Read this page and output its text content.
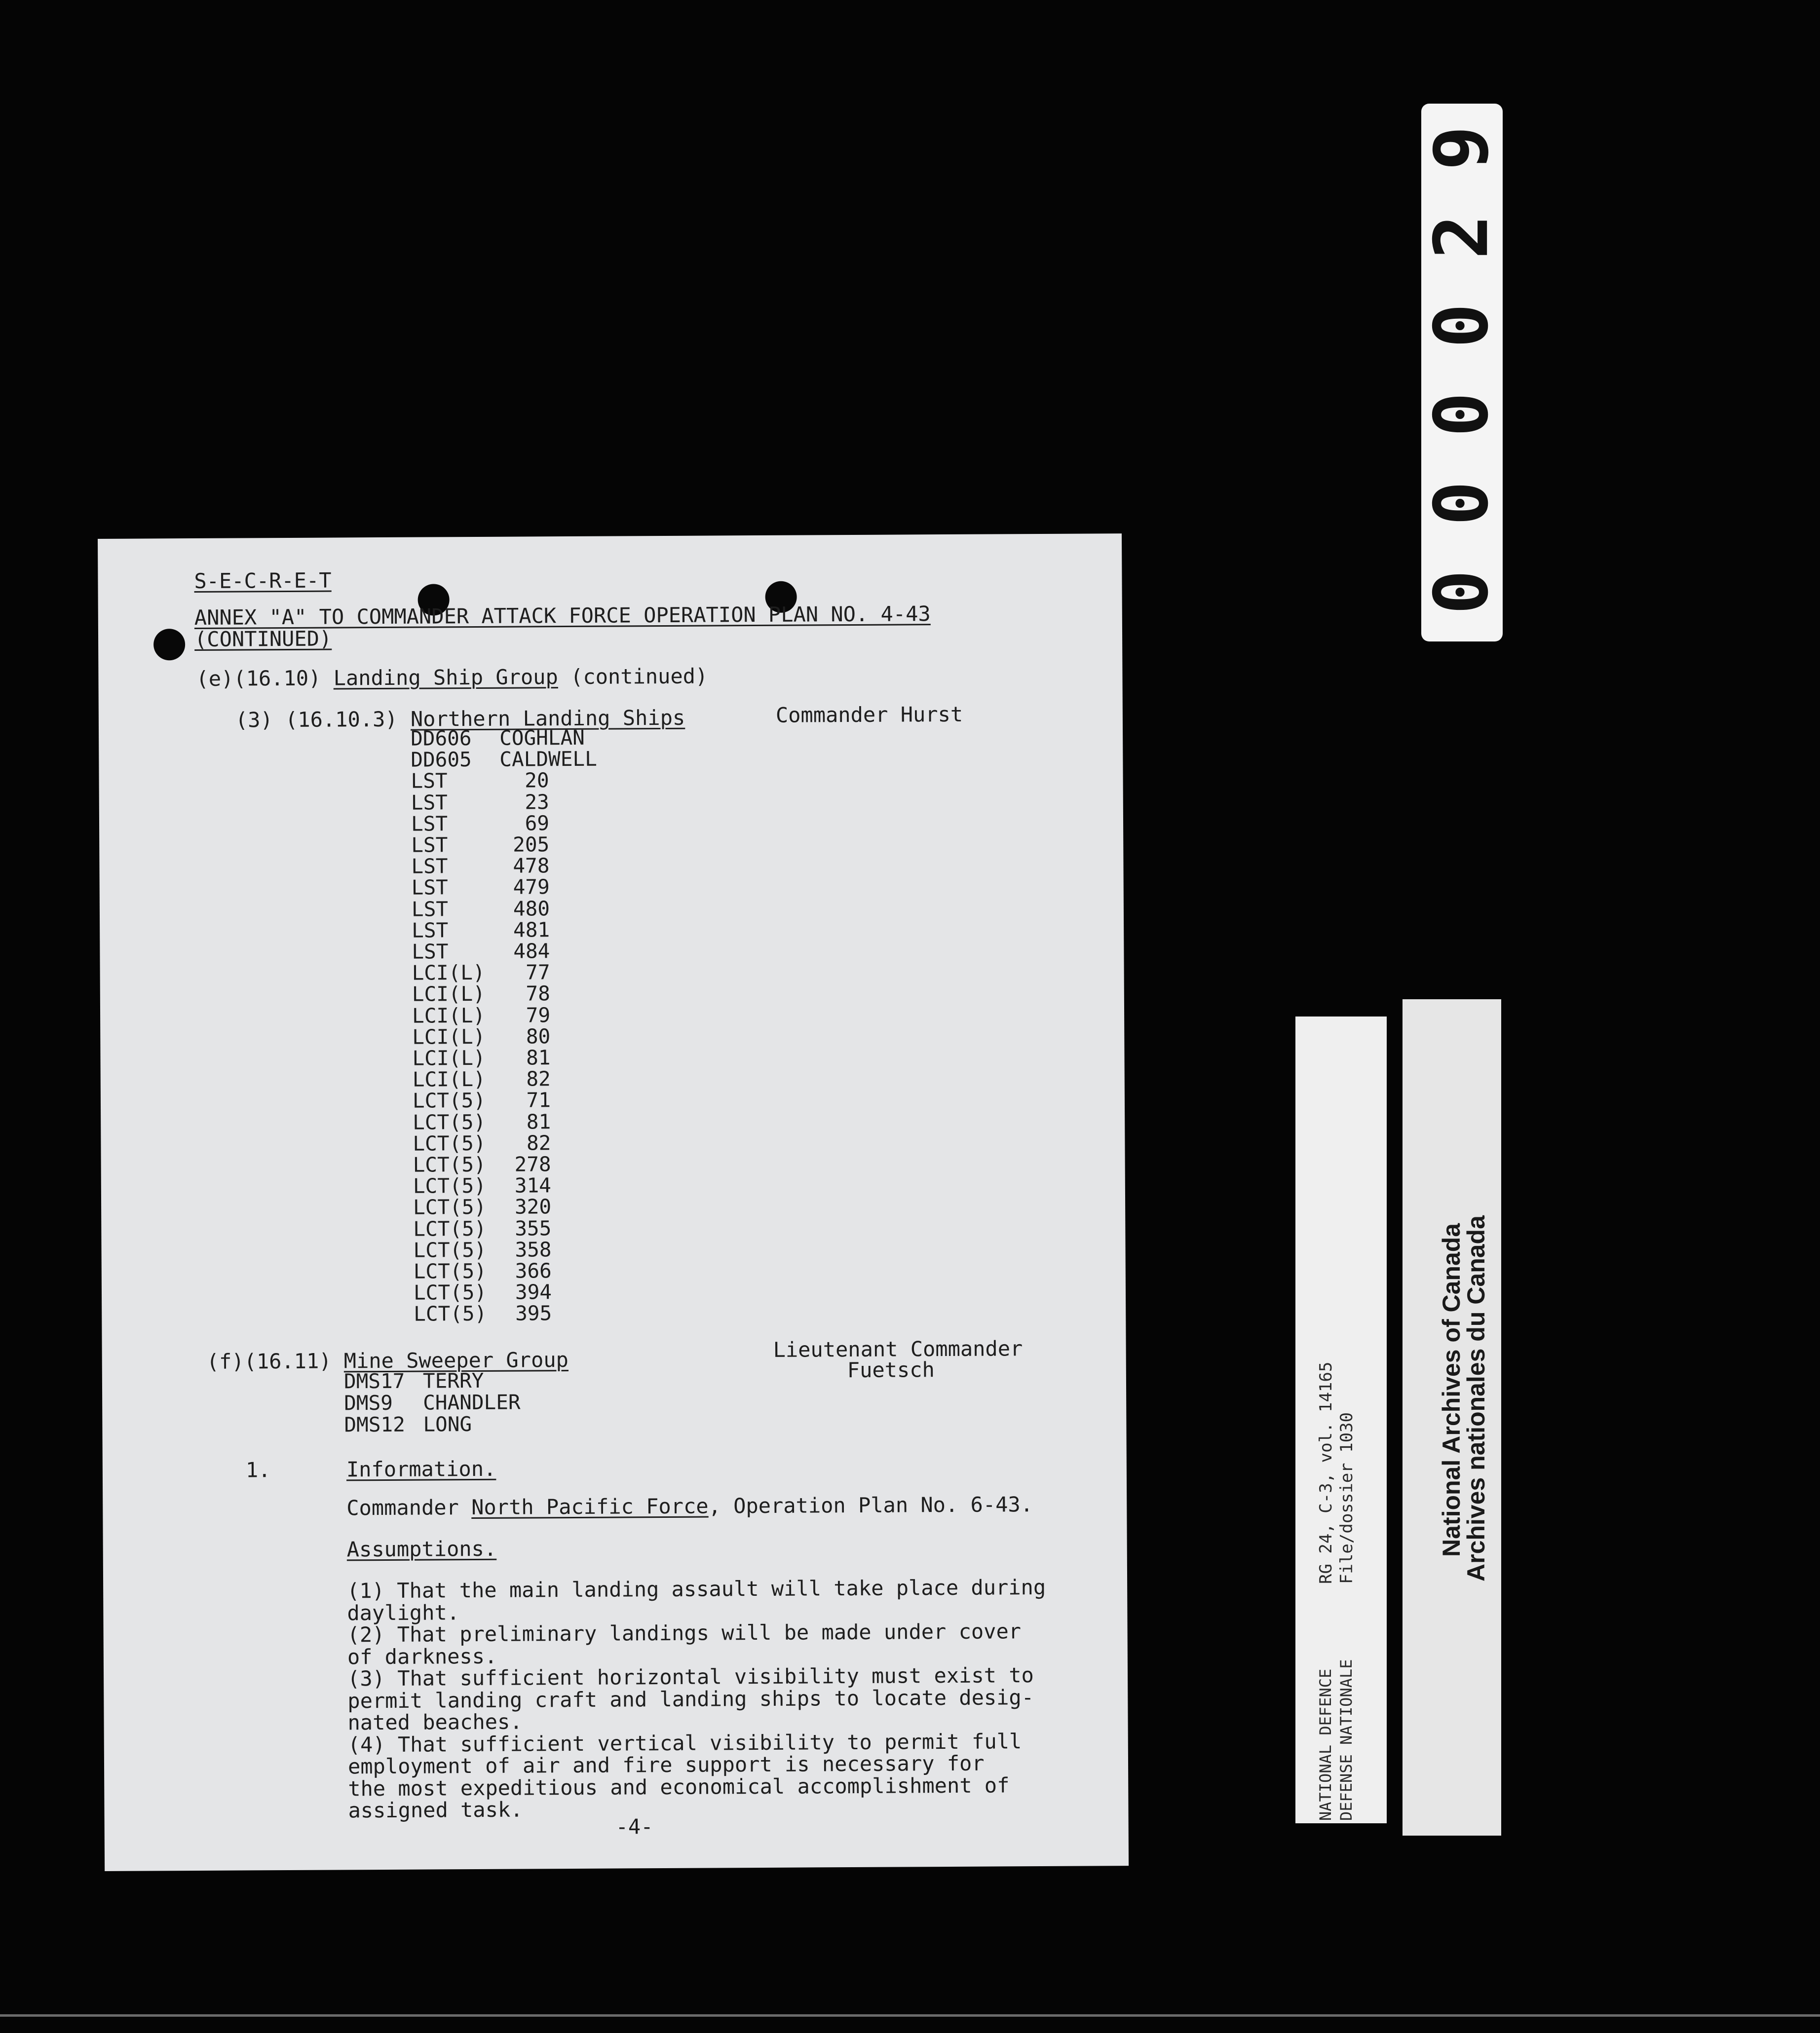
S-E-C-R-E-T
ANNEX "A" TO COMMANDER ATTACK FORCE OPERATION PLAN NO. 4-43
(CONTINUED)
(e)(16.10) Landing Ship Group (continued)
(3) (16.10.3) Northern Landing Ships	Commander Hurst
DD606 COGHLAN
DD605 CALDWELL
LST	20
LST	23
LST	69
LST	205
LST	478
LST	479
LST	480
LST	481
LST	484
LCI(L) 77
LCI(L) 78
LCI(L) 79
LCI(L) 80
LCI(L) 81
LCI(L) 82
LCT(5) 71
LCT(5) 81
LCT(5) 82
LCT(5) 278
LCT(5) 314
LCT(5) 320
LCT(5) 355
LCT(5) 358
LCT(5) 366
LCT(5) 394
LCT(5) 395
(f)(16.11) Mine Sweeper Group	Lieutenant Commander
Fuetsch
DMS17 TERRY
DMS9 CHANDLER
DMS12 LONG
1.	Information.
Commander North Pacific Force, Operation Plan No. 6-43.
Assumptions.
(1) That the main landing assault will take place during
daylight.
(2) That preliminary landings will be made under cover
of darkness.
(3) That sufficient horizontal visibility must exist to
permit landing craft and landing ships to locate desig-
nated beaches.
(4) That sufficient vertical visibility to permit full
employment of air and fire support is necessary for
the most expeditious and economical accomplishment of
assigned task.
-4-
9
2
0
0
0
0
RG 24, C-3, vol. 14165 File/dossier 1030
NATIONAL DEFENCE DEFENSE NATIONALE
National Archives of Canada
Archives nationales du Canada
